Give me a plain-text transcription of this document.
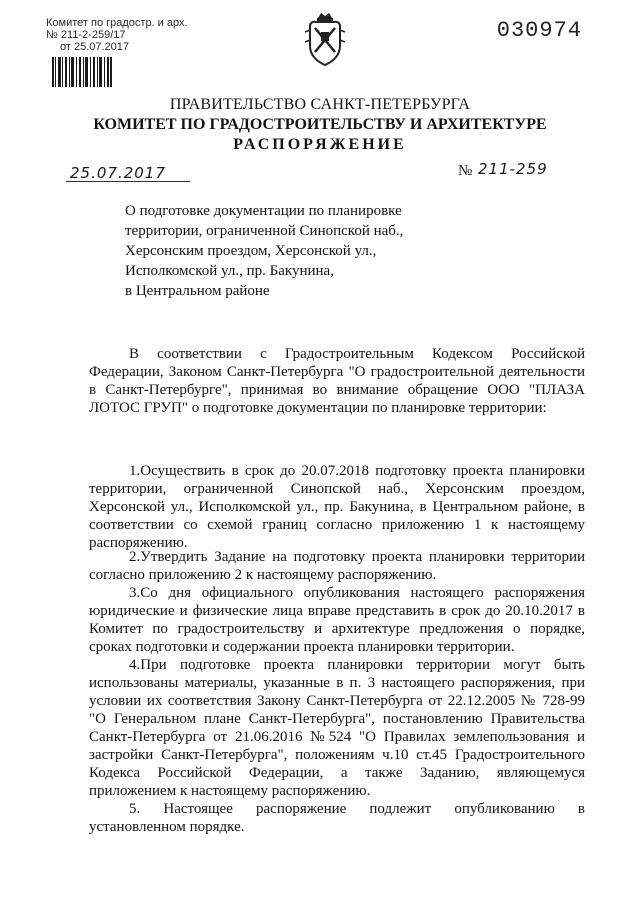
Комитет по градостр. и арх.
№ 211-2-259/17
от 25.07.2017
030974
ПРАВИТЕЛЬСТВО САНКТ-ПЕТЕРБУРГА
КОМИТЕТ ПО ГРАДОСТРОИТЕЛЬСТВУ И АРХИТЕКТУРЕ
РАСПОРЯЖЕНИЕ
25.07.2017	№ 211-259
О подготовке документации по планировке
территории, ограниченной Синопской наб.,
Херсонским проездом, Херсонской ул.,
Исполкомской ул., пр. Бакунина,
в Центральном районе

В соответствии с Градостроительным Кодексом Российской Федерации, Законом Санкт-Петербурга "О градостроительной деятельности в Санкт-Петербурге", принимая во внимание обращение ООО "ПЛАЗА ЛОТОС ГРУП" о подготовке документации по планировке территории:

1.Осуществить в срок до 20.07.2018 подготовку проекта планировки территории, ограниченной Синопской наб., Херсонским проездом, Херсонской ул., Исполкомской ул., пр. Бакунина, в Центральном районе, в соответствии со схемой границ согласно приложению 1 к настоящему распоряжению.

2.Утвердить Задание на подготовку проекта планировки территории согласно приложению 2 к настоящему распоряжению.

3.Со дня официального опубликования настоящего распоряжения юридические и физические лица вправе представить в срок до 20.10.2017 в Комитет по градостроительству и архитектуре предложения о порядке, сроках подготовки и содержании проекта планировки территории.

4.При подготовке проекта планировки территории могут быть использованы материалы, указанные в п. 3 настоящего распоряжения, при условии их соответствия Закону Санкт-Петербурга от 22.12.2005 № 728-99 "О Генеральном плане Санкт-Петербурга", постановлению Правительства Санкт-Петербурга от 21.06.2016 №524 "О Правилах землепользования и застройки Санкт-Петербурга", положениям ч.10 ст.45 Градостроительного Кодекса Российской Федерации, а также Заданию, являющемуся приложением к настоящему распоряжению.

5. Настоящее распоряжение подлежит опубликованию в установленном порядке.
